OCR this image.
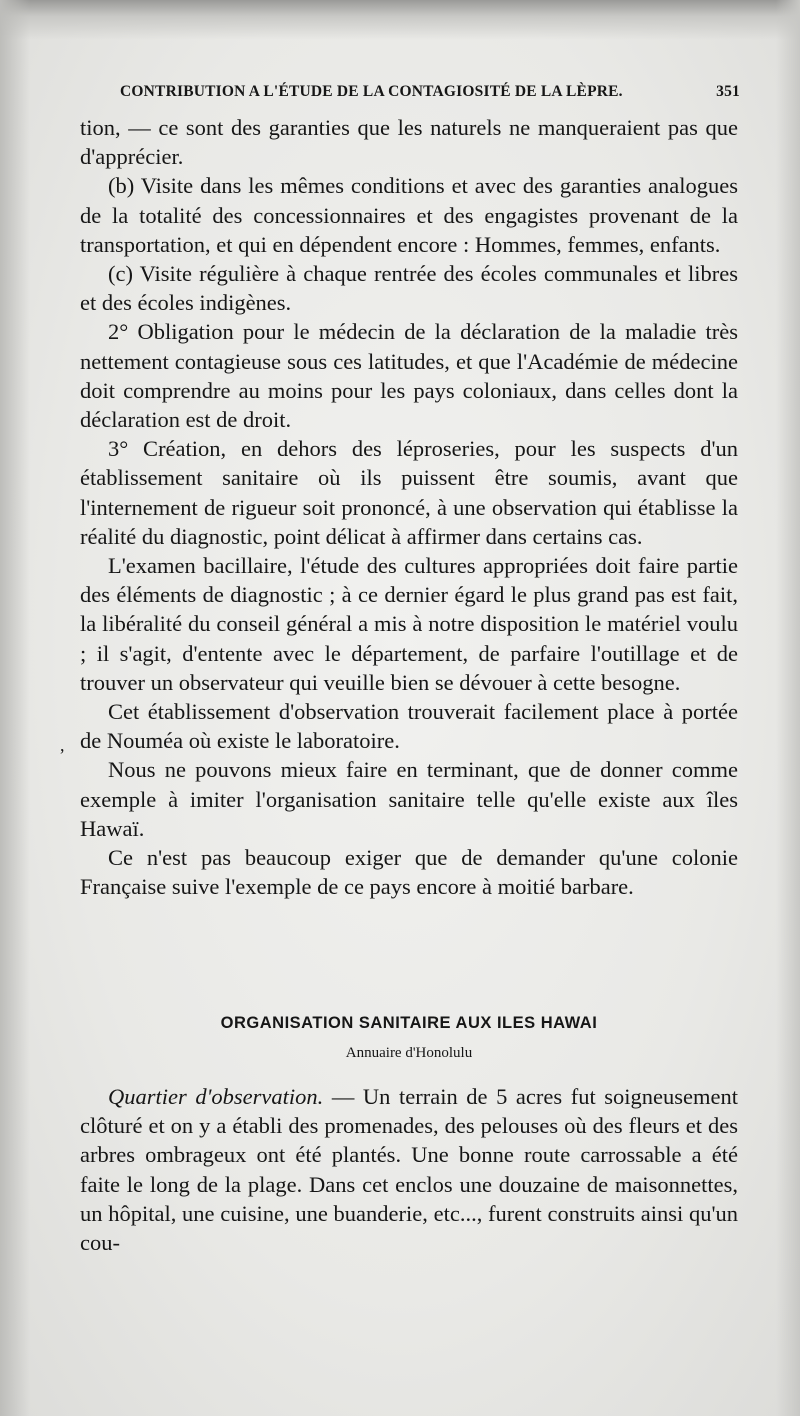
CONTRIBUTION A L'ÉTUDE DE LA CONTAGIOSITÉ DE LA LÈPRE.	351

tion, — ce sont des garanties que les naturels ne manqueraient pas que d'apprécier.

(b) Visite dans les mêmes conditions et avec des garanties analogues de la totalité des concessionnaires et des engagistes provenant de la transportation, et qui en dépendent encore : Hommes, femmes, enfants.

(c) Visite régulière à chaque rentrée des écoles communales et libres et des écoles indigènes.

2° Obligation pour le médecin de la déclaration de la maladie très nettement contagieuse sous ces latitudes, et que l'Académie de médecine doit comprendre au moins pour les pays coloniaux, dans celles dont la déclaration est de droit.

3° Création, en dehors des léproseries, pour les suspects d'un établissement sanitaire où ils puissent être soumis, avant que l'internement de rigueur soit prononcé, à une observation qui établisse la réalité du diagnostic, point délicat à affirmer dans certains cas.

L'examen bacillaire, l'étude des cultures appropriées doit faire partie des éléments de diagnostic ; à ce dernier égard le plus grand pas est fait, la libéralité du conseil général a mis à notre disposition le matériel voulu ; il s'agit, d'entente avec le département, de parfaire l'outillage et de trouver un observateur qui veuille bien se dévouer à cette besogne.

Cet établissement d'observation trouverait facilement place à portée de Nouméa où existe le laboratoire.

Nous ne pouvons mieux faire en terminant, que de donner comme exemple à imiter l'organisation sanitaire telle qu'elle existe aux îles Hawaï.

Ce n'est pas beaucoup exiger que de demander qu'une colonie Française suive l'exemple de ce pays encore à moitié barbare.

,
ORGANISATION SANITAIRE AUX ILES HAWAI
Annuaire d'Honolulu

Quartier d'observation. — Un terrain de 5 acres fut soigneusement clôturé et on y a établi des promenades, des pelouses où des fleurs et des arbres ombrageux ont été plantés. Une bonne route carrossable a été faite le long de la plage. Dans cet enclos une douzaine de maisonnettes, un hôpital, une cuisine, une buanderie, etc..., furent construits ainsi qu'un cou-
